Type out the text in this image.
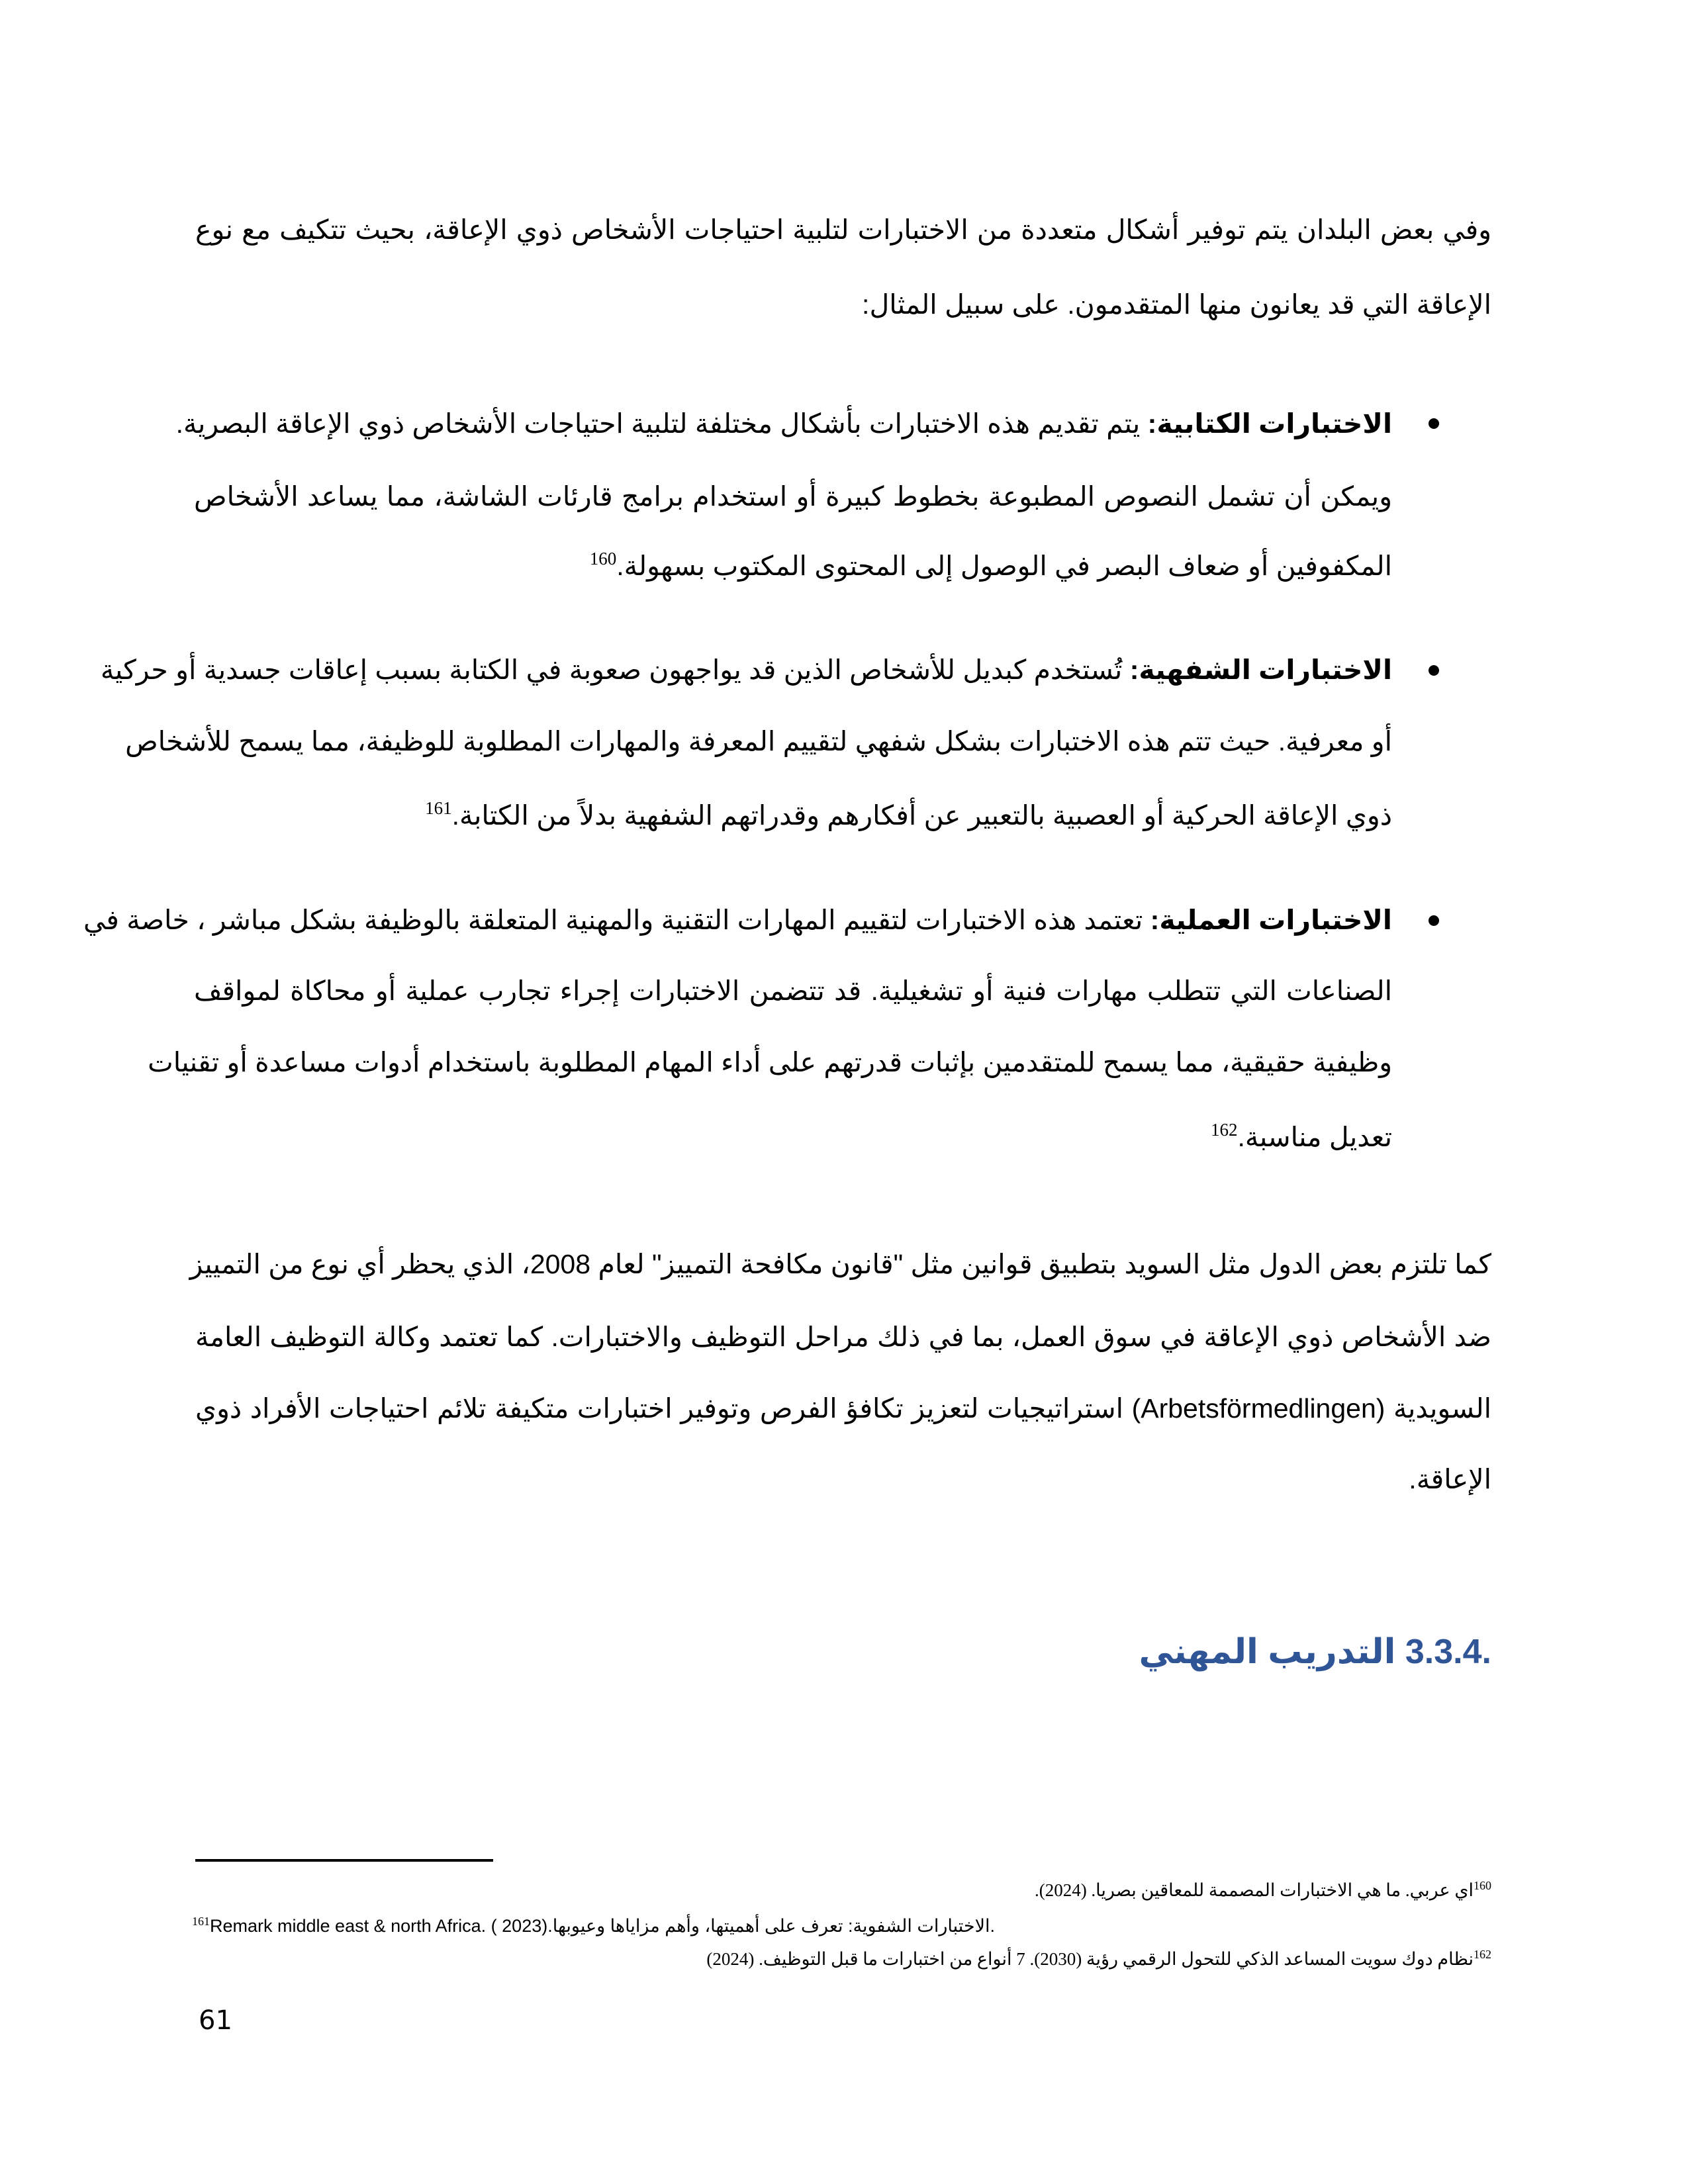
وفي بعض البلدان يتم توفير أشكال متعددة من الاختبارات لتلبية احتياجات الأشخاص ذوي الإعاقة، بحيث تتكيف مع نوع
الإعاقة التي قد يعانون منها المتقدمون. على سبيل المثال:
الاختبارات الكتابية: يتم تقديم هذه الاختبارات بأشكال مختلفة لتلبية احتياجات الأشخاص ذوي الإعاقة البصرية.
ويمكن أن تشمل النصوص المطبوعة بخطوط كبيرة أو استخدام برامج قارئات الشاشة، مما يساعد الأشخاص
المكفوفين أو ضعاف البصر في الوصول إلى المحتوى المكتوب بسهولة.$^{160}$
الاختبارات الشفهية: تُستخدم كبديل للأشخاص الذين قد يواجهون صعوبة في الكتابة بسبب إعاقات جسدية أو حركية
أو معرفية. حيث تتم هذه الاختبارات بشكل شفهي لتقييم المعرفة والمهارات المطلوبة للوظيفة، مما يسمح للأشخاص
ذوي الإعاقة الحركية أو العصبية بالتعبير عن أفكارهم وقدراتهم الشفهية بدلاً من الكتابة.$^{161}$
الاختبارات العملية: تعتمد هذه الاختبارات لتقييم المهارات التقنية والمهنية المتعلقة بالوظيفة بشكل مباشر ، خاصة في
الصناعات التي تتطلب مهارات فنية أو تشغيلية. قد تتضمن الاختبارات إجراء تجارب عملية أو محاكاة لمواقف
وظيفية حقيقية، مما يسمح للمتقدمين بإثبات قدرتهم على أداء المهام المطلوبة باستخدام أدوات مساعدة أو تقنيات
تعديل مناسبة.$^{162}$
كما تلتزم بعض الدول مثل السويد بتطبيق قوانين مثل "قانون مكافحة التمييز" لعام 2008، الذي يحظر أي نوع من التمييز
ضد الأشخاص ذوي الإعاقة في سوق العمل، بما في ذلك مراحل التوظيف والاختبارات. كما تعتمد وكالة التوظيف العامة
السويدية (Arbetsförmedlingen) استراتيجيات لتعزيز تكافؤ الفرص وتوفير اختبارات متكيفة تلائم احتياجات الأفراد ذوي
الإعاقة.
3.3.4. التدريب المهني
$^{160}$اي عربي. ما هي الاختبارات المصممة للمعاقين بصريا. (2024).
$^{161}$Remark middle east & north Africa. ( 2023) .الاختبارات الشفوية: تعرف على أهميتها، وأهم مزاياها وعيوبها.
$^{162}$نظام دوك سويت المساعد الذكي للتحول الرقمي رؤية (2030). 7 أنواع من اختبارات ما قبل التوظيف. (2024)
61
